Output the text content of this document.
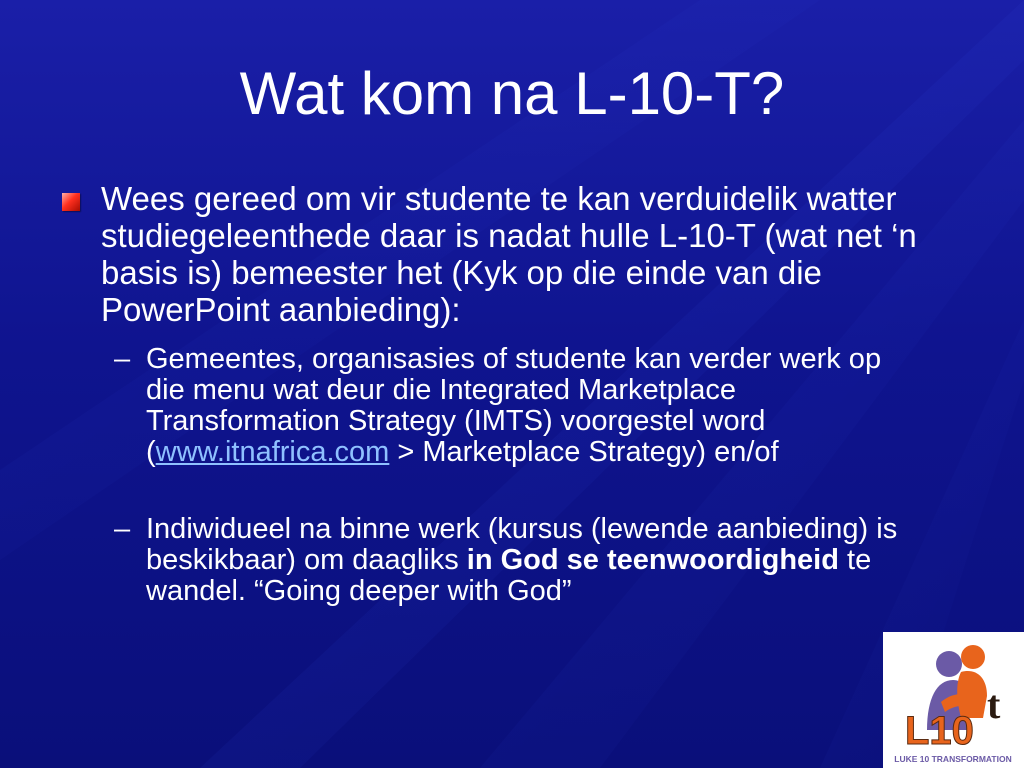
Wat kom na L-10-T?
Wees gereed om vir studente te kan verduidelik watter studiegeleenthede daar is nadat hulle L-10-T (wat net ‘n basis is) bemeester het (Kyk op die einde van die PowerPoint aanbieding):
– Gemeentes, organisasies of studente kan verder werk op die menu wat deur die Integrated Marketplace Transformation Strategy (IMTS) voorgestel word (www.itnafrica.com > Marketplace Strategy) en/of
– Indiwidueel na binne werk (kursus (lewende aanbieding) is beskikbaar) om daagliks in God se teenwoordigheid te wandel. “Going deeper with God”
L10
t
LUKE 10 TRANSFORMATION
